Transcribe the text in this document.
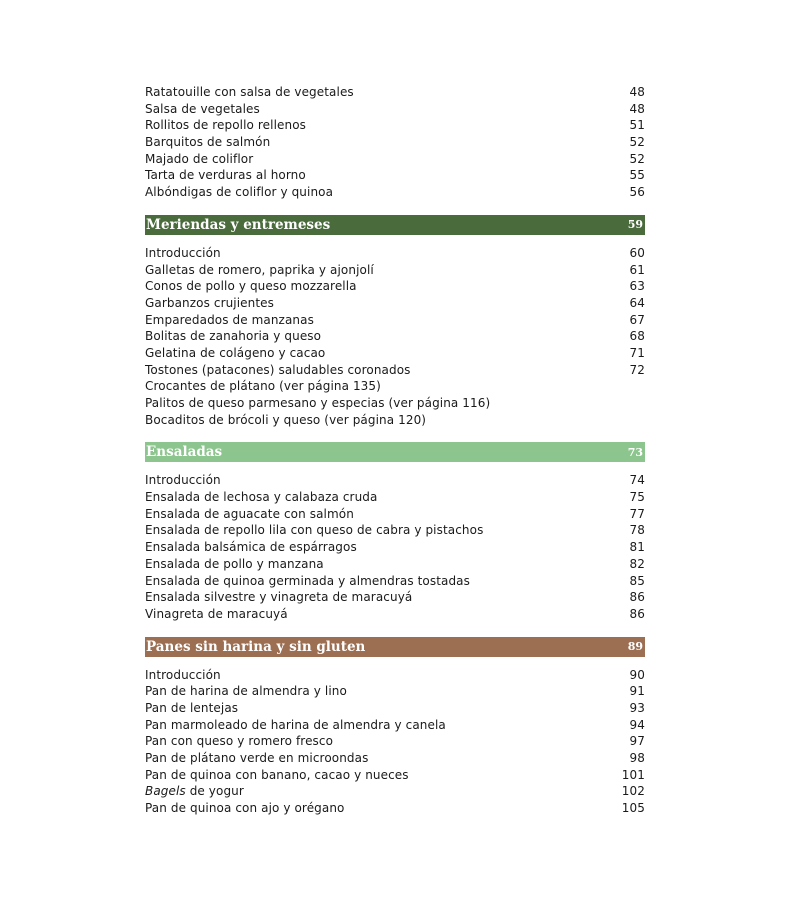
Ratatouille con salsa de vegetales	48
Salsa de vegetales	48
Rollitos de repollo rellenos	51
Barquitos de salmón	52
Majado de coliflor	52
Tarta de verduras al horno	55
Albóndigas de coliflor y quinoa	56
Meriendas y entremeses	59
Introducción	60
Galletas de romero, paprika y ajonjolí	61
Conos de pollo y queso mozzarella	63
Garbanzos crujientes	64
Emparedados de manzanas	67
Bolitas de zanahoria y queso	68
Gelatina de colágeno y cacao	71
Tostones (patacones) saludables coronados	72
Crocantes de plátano (ver página 135)
Palitos de queso parmesano y especias (ver página 116)
Bocaditos de brócoli y queso (ver página 120)
Ensaladas	73
Introducción	74
Ensalada de lechosa y calabaza cruda	75
Ensalada de aguacate con salmón	77
Ensalada de repollo lila con queso de cabra y pistachos	78
Ensalada balsámica de espárragos	81
Ensalada de pollo y manzana	82
Ensalada de quinoa germinada y almendras tostadas	85
Ensalada silvestre y vinagreta de maracuyá	86
Vinagreta de maracuyá	86
Panes sin harina y sin gluten	89
Introducción	90
Pan de harina de almendra y lino	91
Pan de lentejas	93
Pan marmoleado de harina de almendra y canela	94
Pan con queso y romero fresco	97
Pan de plátano verde en microondas	98
Pan de quinoa con banano, cacao y nueces	101
Bagels de yogur	102
Pan de quinoa con ajo y orégano	105
